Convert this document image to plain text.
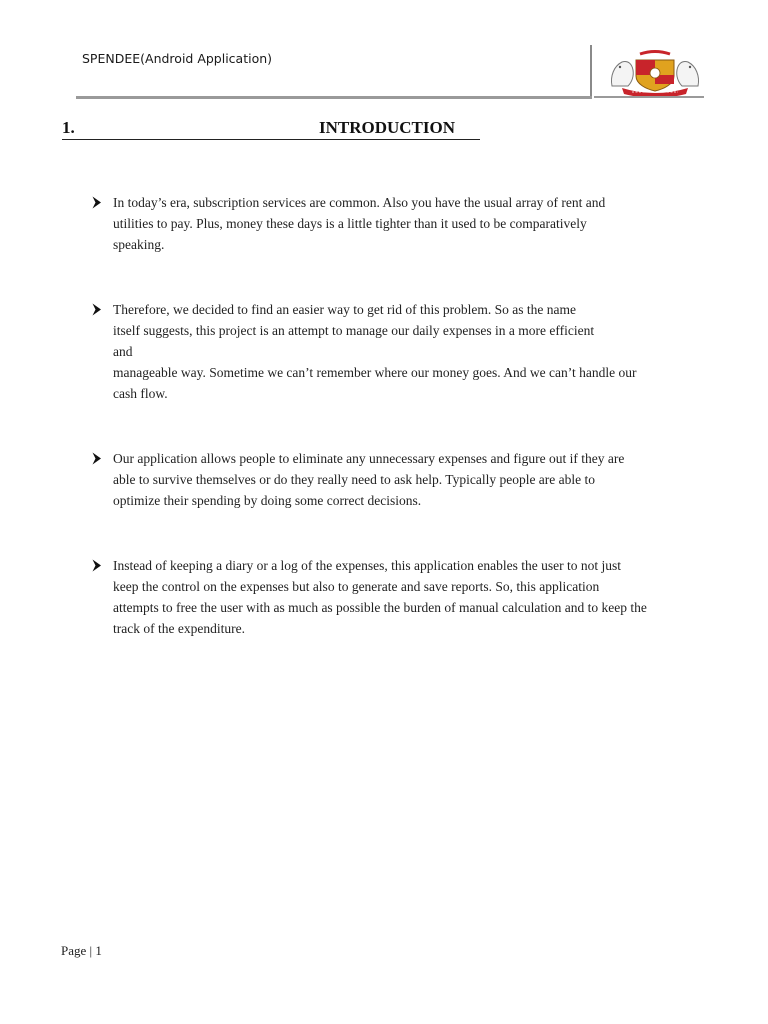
SPENDEE(Android Application)
1.	INTRODUCTION
In today’s era, subscription services are common. Also you have the usual array of rent and
utilities to pay. Plus, money these days is a little tighter than it used to be comparatively
speaking.
Therefore, we decided to find an easier way to get rid of this problem. So as the name
itself suggests, this project is an attempt to manage our daily expenses in a more efficient
and
manageable way. Sometime we can’t remember where our money goes. And we can’t handle our
cash flow.
Our application allows people to eliminate any unnecessary expenses and figure out if they are
able to survive themselves or do they really need to ask help. Typically people are able to
optimize their spending by doing some correct decisions.
Instead of keeping a diary or a log of the expenses, this application enables the user to not just
keep the control on the expenses but also to generate and save reports. So, this application
attempts to free the user with as much as possible the burden of manual calculation and to keep the
track of the expenditure.
Page | 1
